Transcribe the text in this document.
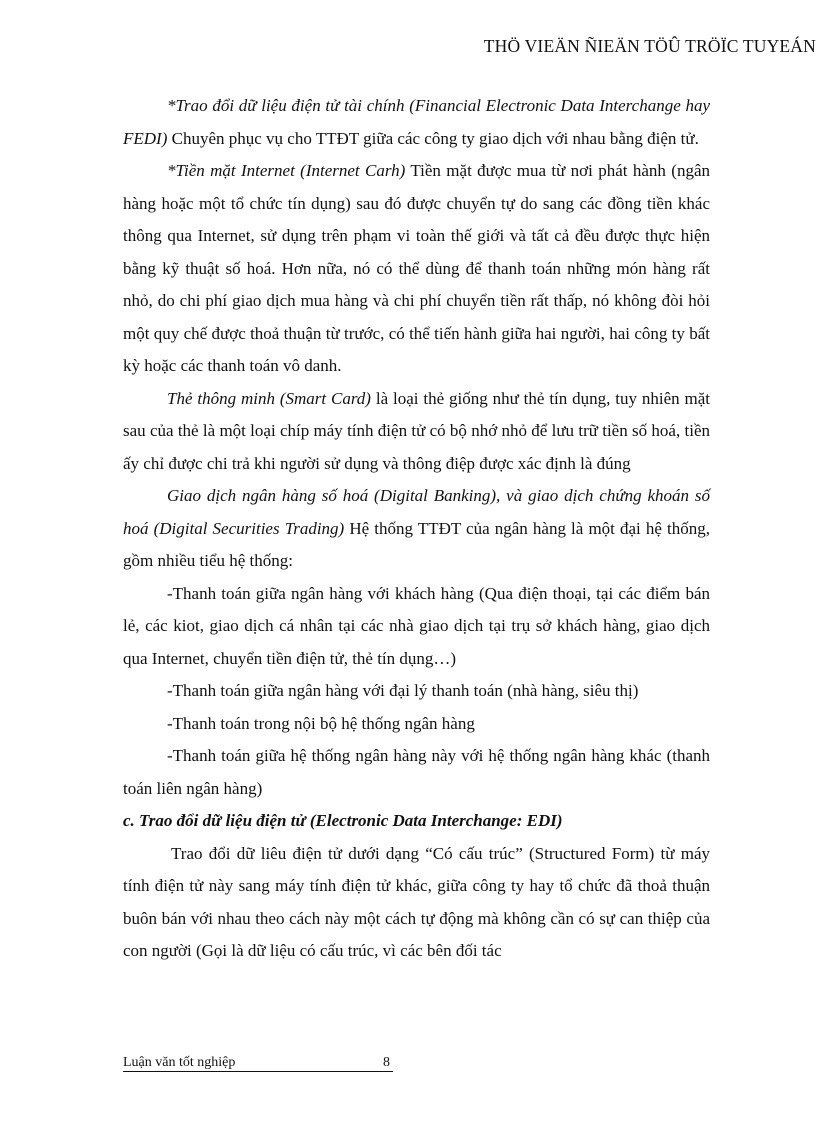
THÖ VIEÄN ÑIEÄN TÖÛ TRÖÏC TUYEÁN

*Trao đổi dữ liệu điện tử tài chính (Financial Electronic Data Interchange hay FEDI) Chuyên phục vụ cho TTĐT giữa các công ty giao dịch với nhau bằng điện tử.

*Tiền mặt Internet (Internet Carh) Tiền mặt được mua từ nơi phát hành (ngân hàng hoặc một tổ chức tín dụng) sau đó được chuyển tự do sang các đồng tiền khác thông qua Internet, sử dụng trên phạm vi toàn thế giới và tất cả đều được thực hiện bằng kỹ thuật số hoá. Hơn nữa, nó có thể dùng để thanh toán những món hàng rất nhỏ, do chi phí giao dịch mua hàng và chi phí chuyển tiền rất thấp, nó không đòi hỏi một quy chế được thoả thuận từ trước, có thể tiến hành giữa hai người, hai công ty bất kỳ hoặc các thanh toán vô danh.

Thẻ thông minh (Smart Card) là loại thẻ giống như thẻ tín dụng, tuy nhiên mặt sau của thẻ là một loại chíp máy tính điện tử có bộ nhớ nhỏ để lưu trữ tiền số hoá, tiền ấy chỉ được chi trả khi người sử dụng và thông điệp được xác định là đúng

Giao dịch ngân hàng số hoá (Digital Banking), và giao dịch chứng khoán số hoá (Digital Securities Trading) Hệ thống TTĐT của ngân hàng là một đại hệ thống, gồm nhiều tiểu hệ thống:

-Thanh toán giữa ngân hàng với khách hàng (Qua điện thoại, tại các điểm bán lẻ, các kiot, giao dịch cá nhân tại các nhà giao dịch tại trụ sở khách hàng, giao dịch qua Internet, chuyển tiền điện tử, thẻ tín dụng…)

-Thanh toán giữa ngân hàng với đại lý thanh toán (nhà hàng, siêu thị)

-Thanh toán trong nội bộ hệ thống ngân hàng

-Thanh toán giữa hệ thống ngân hàng này với hệ thống ngân hàng khác (thanh toán liên ngân hàng)

c. Trao đổi dữ liệu điện tử (Electronic Data Interchange: EDI)

Trao đổi dữ liêu điện tử dưới dạng “Có cấu trúc” (Structured Form) từ máy tính điện tử này sang máy tính điện tử khác, giữa công ty hay tổ chức đã thoả thuận buôn bán với nhau theo cách này một cách tự động mà không cần có sự can thiệp của con người (Gọi là dữ liệu có cấu trúc, vì các bên đối tác

Luận văn tốt nghiệp	8
